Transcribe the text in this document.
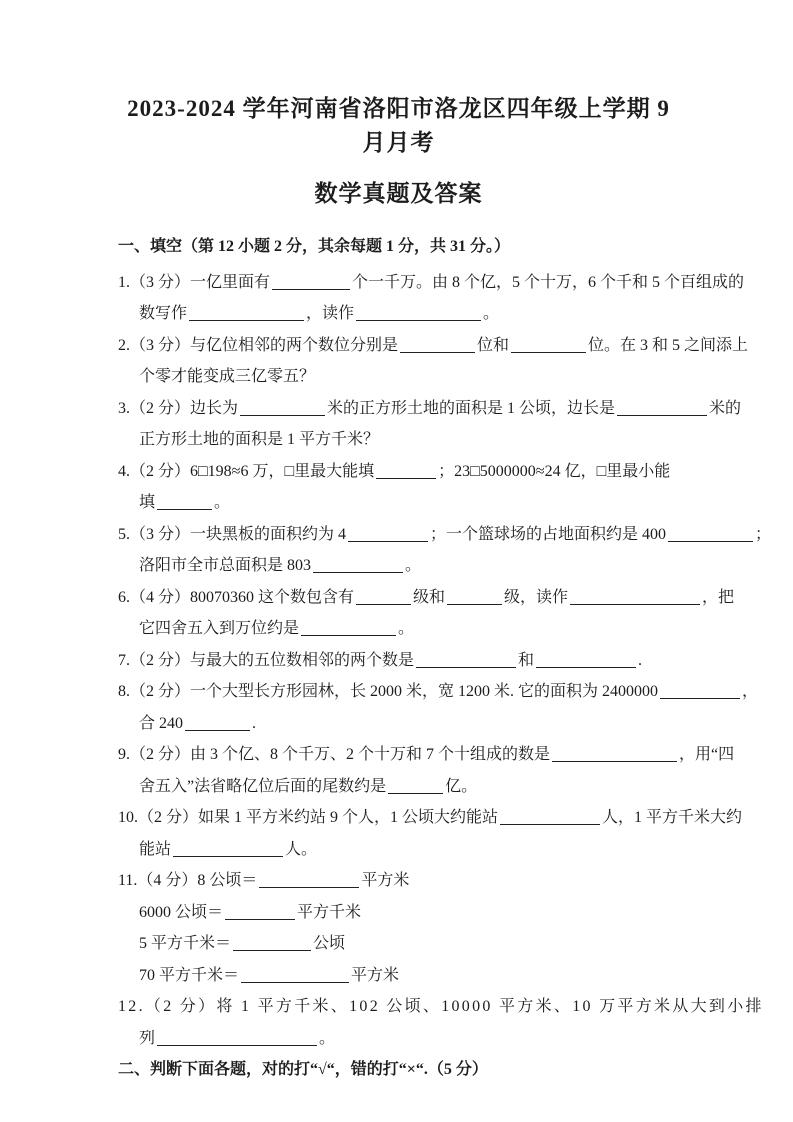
2023-2024 学年河南省洛阳市洛龙区四年级上学期 9 月月考
数学真题及答案
一、填空（第 12 小题 2 分，其余每题 1 分，共 31 分。）
1.（3 分）一亿里面有	个一千万。由 8 个亿，5 个十万，6 个千和 5 个百组成的
数写作	，读作	。
2.（3 分）与亿位相邻的两个数位分别是	位和	位。在 3 和 5 之间添上
个零才能变成三亿零五？
3.（2 分）边长为	米的正方形土地的面积是 1 公顷，边长是	米的
正方形土地的面积是 1 平方千米？
4.（2 分）6□198≈6 万，□里最大能填	；23□5000000≈24 亿，□里最小能
填	。
5.（3 分）一块黑板的面积约为 4	；一个篮球场的占地面积约是 400	；
洛阳市全市总面积是 803	。
6.（4 分）80070360 这个数包含有	级和	级，读作	，把
它四舍五入到万位约是	。
7.（2 分）与最大的五位数相邻的两个数是	和	.
8.（2 分）一个大型长方形园林，长 2000 米，宽 1200 米. 它的面积为 2400000	，
合 240	.
9.（2 分）由 3 个亿、8 个千万、2 个十万和 7 个十组成的数是	，用“四
舍五入”法省略亿位后面的尾数约是	亿。
10.（2 分）如果 1 平方米约站 9 个人，1 公顷大约能站	人，1 平方千米大约
能站	人。
11.（4 分）8 公顷＝	平方米
6000 公顷＝	平方千米
5 平方千米＝	公顷
70 平方千米＝	平方米
12.（2 分）将 1 平方千米、102 公顷、10000 平方米、10 万平方米从大到小排
列	。
二、判断下面各题，对的打“√“，错的打“×“.（5 分）
